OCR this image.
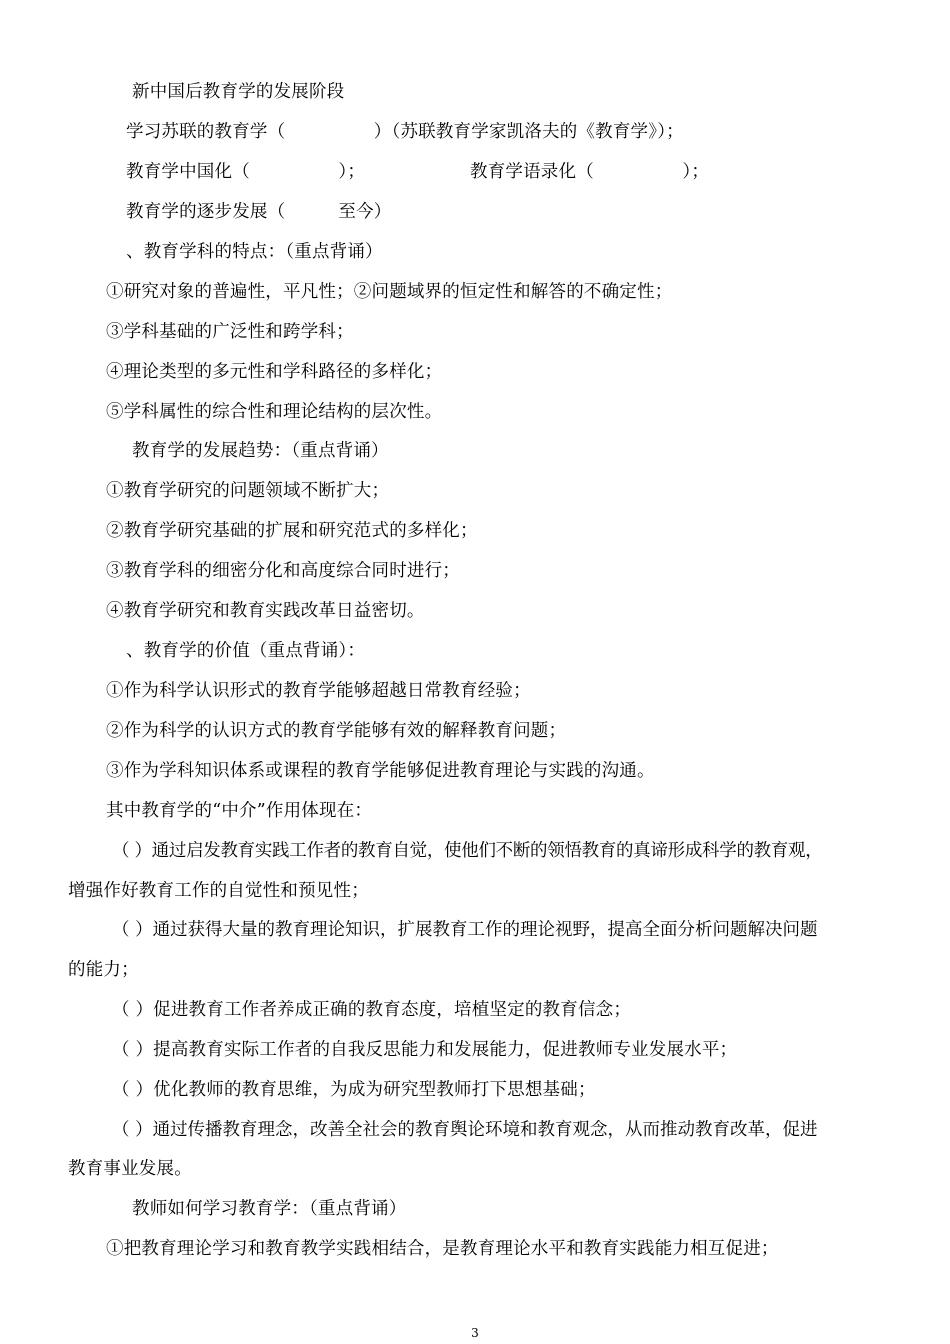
新中国后教育学的发展阶段
学习苏联的教育学（　　　　　）（苏联教育学家凯洛夫的《教育学》）；
教育学中国化（　　　　　）；	教育学语录化（　　　　　）；
教育学的逐步发展（　　　至今）
、教育学科的特点：（重点背诵）
①研究对象的普遍性，平凡性；②问题域界的恒定性和解答的不确定性；
③学科基础的广泛性和跨学科；
④理论类型的多元性和学科路径的多样化；
⑤学科属性的综合性和理论结构的层次性。
教育学的发展趋势：（重点背诵）
①教育学研究的问题领域不断扩大；
②教育学研究基础的扩展和研究范式的多样化；
③教育学科的细密分化和高度综合同时进行；
④教育学研究和教育实践改革日益密切。
、教育学的价值（重点背诵）：
①作为科学认识形式的教育学能够超越日常教育经验；
②作为科学的认识方式的教育学能够有效的解释教育问题；
③作为学科知识体系或课程的教育学能够促进教育理论与实践的沟通。
其中教育学的“中介”作用体现在：
（ ）通过启发教育实践工作者的教育自觉，使他们不断的领悟教育的真谛形成科学的教育观，
增强作好教育工作的自觉性和预见性；
（ ）通过获得大量的教育理论知识，扩展教育工作的理论视野，提高全面分析问题解决问题
的能力；
（ ）促进教育工作者养成正确的教育态度，培植坚定的教育信念；
（ ）提高教育实际工作者的自我反思能力和发展能力，促进教师专业发展水平；
（ ）优化教师的教育思维，为成为研究型教师打下思想基础；
（ ）通过传播教育理念，改善全社会的教育舆论环境和教育观念，从而推动教育改革，促进
教育事业发展。
教师如何学习教育学：（重点背诵）
①把教育理论学习和教育教学实践相结合，是教育理论水平和教育实践能力相互促进；
3
